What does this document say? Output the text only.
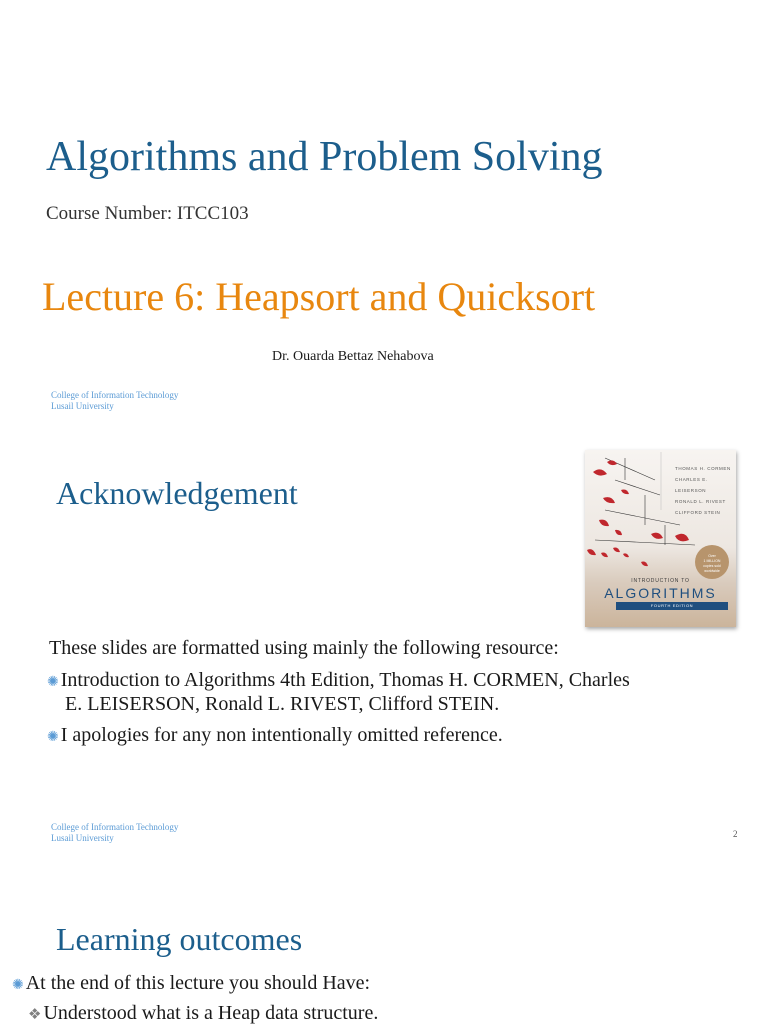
Algorithms and Problem Solving
Course Number: ITCC103
Lecture 6: Heapsort and Quicksort
Dr. Ouarda Bettaz Nehabova
College of Information Technology
Lusail University
Acknowledgement
These slides are formatted using mainly the following resource:
✺ Introduction to Algorithms 4th Edition, Thomas H. CORMEN, Charles
E. LEISERSON, Ronald L. RIVEST, Clifford STEIN.
✺ I apologies for any non intentionally omitted reference.
College of Information Technology
Lusail University	2
THOMAS H. CORMEN
CHARLES E. LEISERSON
RONALD L. RIVEST
CLIFFORD STEIN
Over
1 MILLION
copies sold
worldwide
INTRODUCTION TO
ALGORITHMS
FOURTH EDITION
Learning outcomes
✺ At the end of this lecture you should Have:
❖ Understood what is a Heap data structure.
